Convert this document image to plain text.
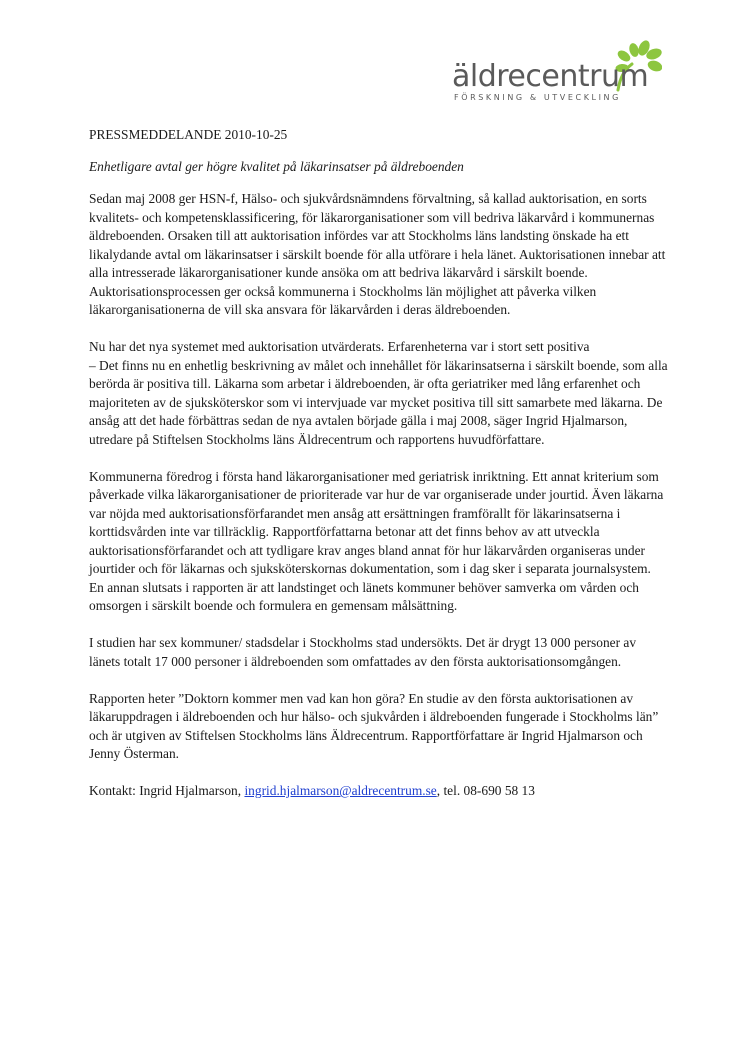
äldrecentrum
FÖRSKNING & UTVECKLING

PRESSMEDDELANDE 2010-10-25

Enhetligare avtal ger högre kvalitet på läkarinsatser på äldreboenden

Sedan maj 2008 ger HSN-f, Hälso- och sjukvårdsnämndens förvaltning, så kallad auktorisation, en sorts kvalitets- och kompetensklassificering, för läkarorganisationer som vill bedriva läkarvård i kommunernas äldreboenden. Orsaken till att auktorisation infördes var att Stockholms läns landsting önskade ha ett likalydande avtal om läkarinsatser i särskilt boende för alla utförare i hela länet. Auktorisationen innebar att alla intresserade läkarorganisationer kunde ansöka om att bedriva läkarvård i särskilt boende. Auktorisationsprocessen ger också kommunerna i Stockholms län möjlighet att påverka vilken läkarorganisationerna de vill ska ansvara för läkarvården i deras äldreboenden.

Nu har det nya systemet med auktorisation utvärderats. Erfarenheterna var i stort sett positiva

– Det finns nu en enhetlig beskrivning av målet och innehållet för läkarinsatserna i särskilt boende, som alla berörda är positiva till. Läkarna som arbetar i äldreboenden, är ofta geriatriker med lång erfarenhet och majoriteten av de sjuksköterskor som vi intervjuade var mycket positiva till sitt samarbete med läkarna. De ansåg att det hade förbättras sedan de nya avtalen började gälla i maj 2008, säger Ingrid Hjalmarson, utredare på Stiftelsen Stockholms läns Äldrecentrum och rapportens huvudförfattare.

Kommunerna föredrog i första hand läkarorganisationer med geriatrisk inriktning. Ett annat kriterium som påverkade vilka läkarorganisationer de prioriterade var hur de var organiserade under jourtid. Även läkarna var nöjda med auktorisationsförfarandet men ansåg att ersättningen framförallt för läkarinsatserna i korttidsvården inte var tillräcklig. Rapportförfattarna betonar att det finns behov av att utveckla auktorisationsförfarandet och att tydligare krav anges bland annat för hur läkarvården organiseras under jourtider och för läkarnas och sjuksköterskornas dokumentation, som i dag sker i separata journalsystem. En annan slutsats i rapporten är att landstinget och länets kommuner behöver samverka om vården och omsorgen i särskilt boende och formulera en gemensam målsättning.

I studien har sex kommuner/ stadsdelar i Stockholms stad undersökts. Det är drygt 13 000 personer av länets totalt 17 000 personer i äldreboenden som omfattades av den första auktorisationsomgången.

Rapporten heter ”Doktorn kommer men vad kan hon göra? En studie av den första auktorisationen av läkaruppdragen i äldreboenden och hur hälso- och sjukvården i äldreboenden fungerade i Stockholms län” och är utgiven av Stiftelsen Stockholms läns Äldrecentrum. Rapportförfattare är Ingrid Hjalmarson och Jenny Österman.

Kontakt: Ingrid Hjalmarson, ingrid.hjalmarson@aldrecentrum.se, tel. 08-690 58 13
